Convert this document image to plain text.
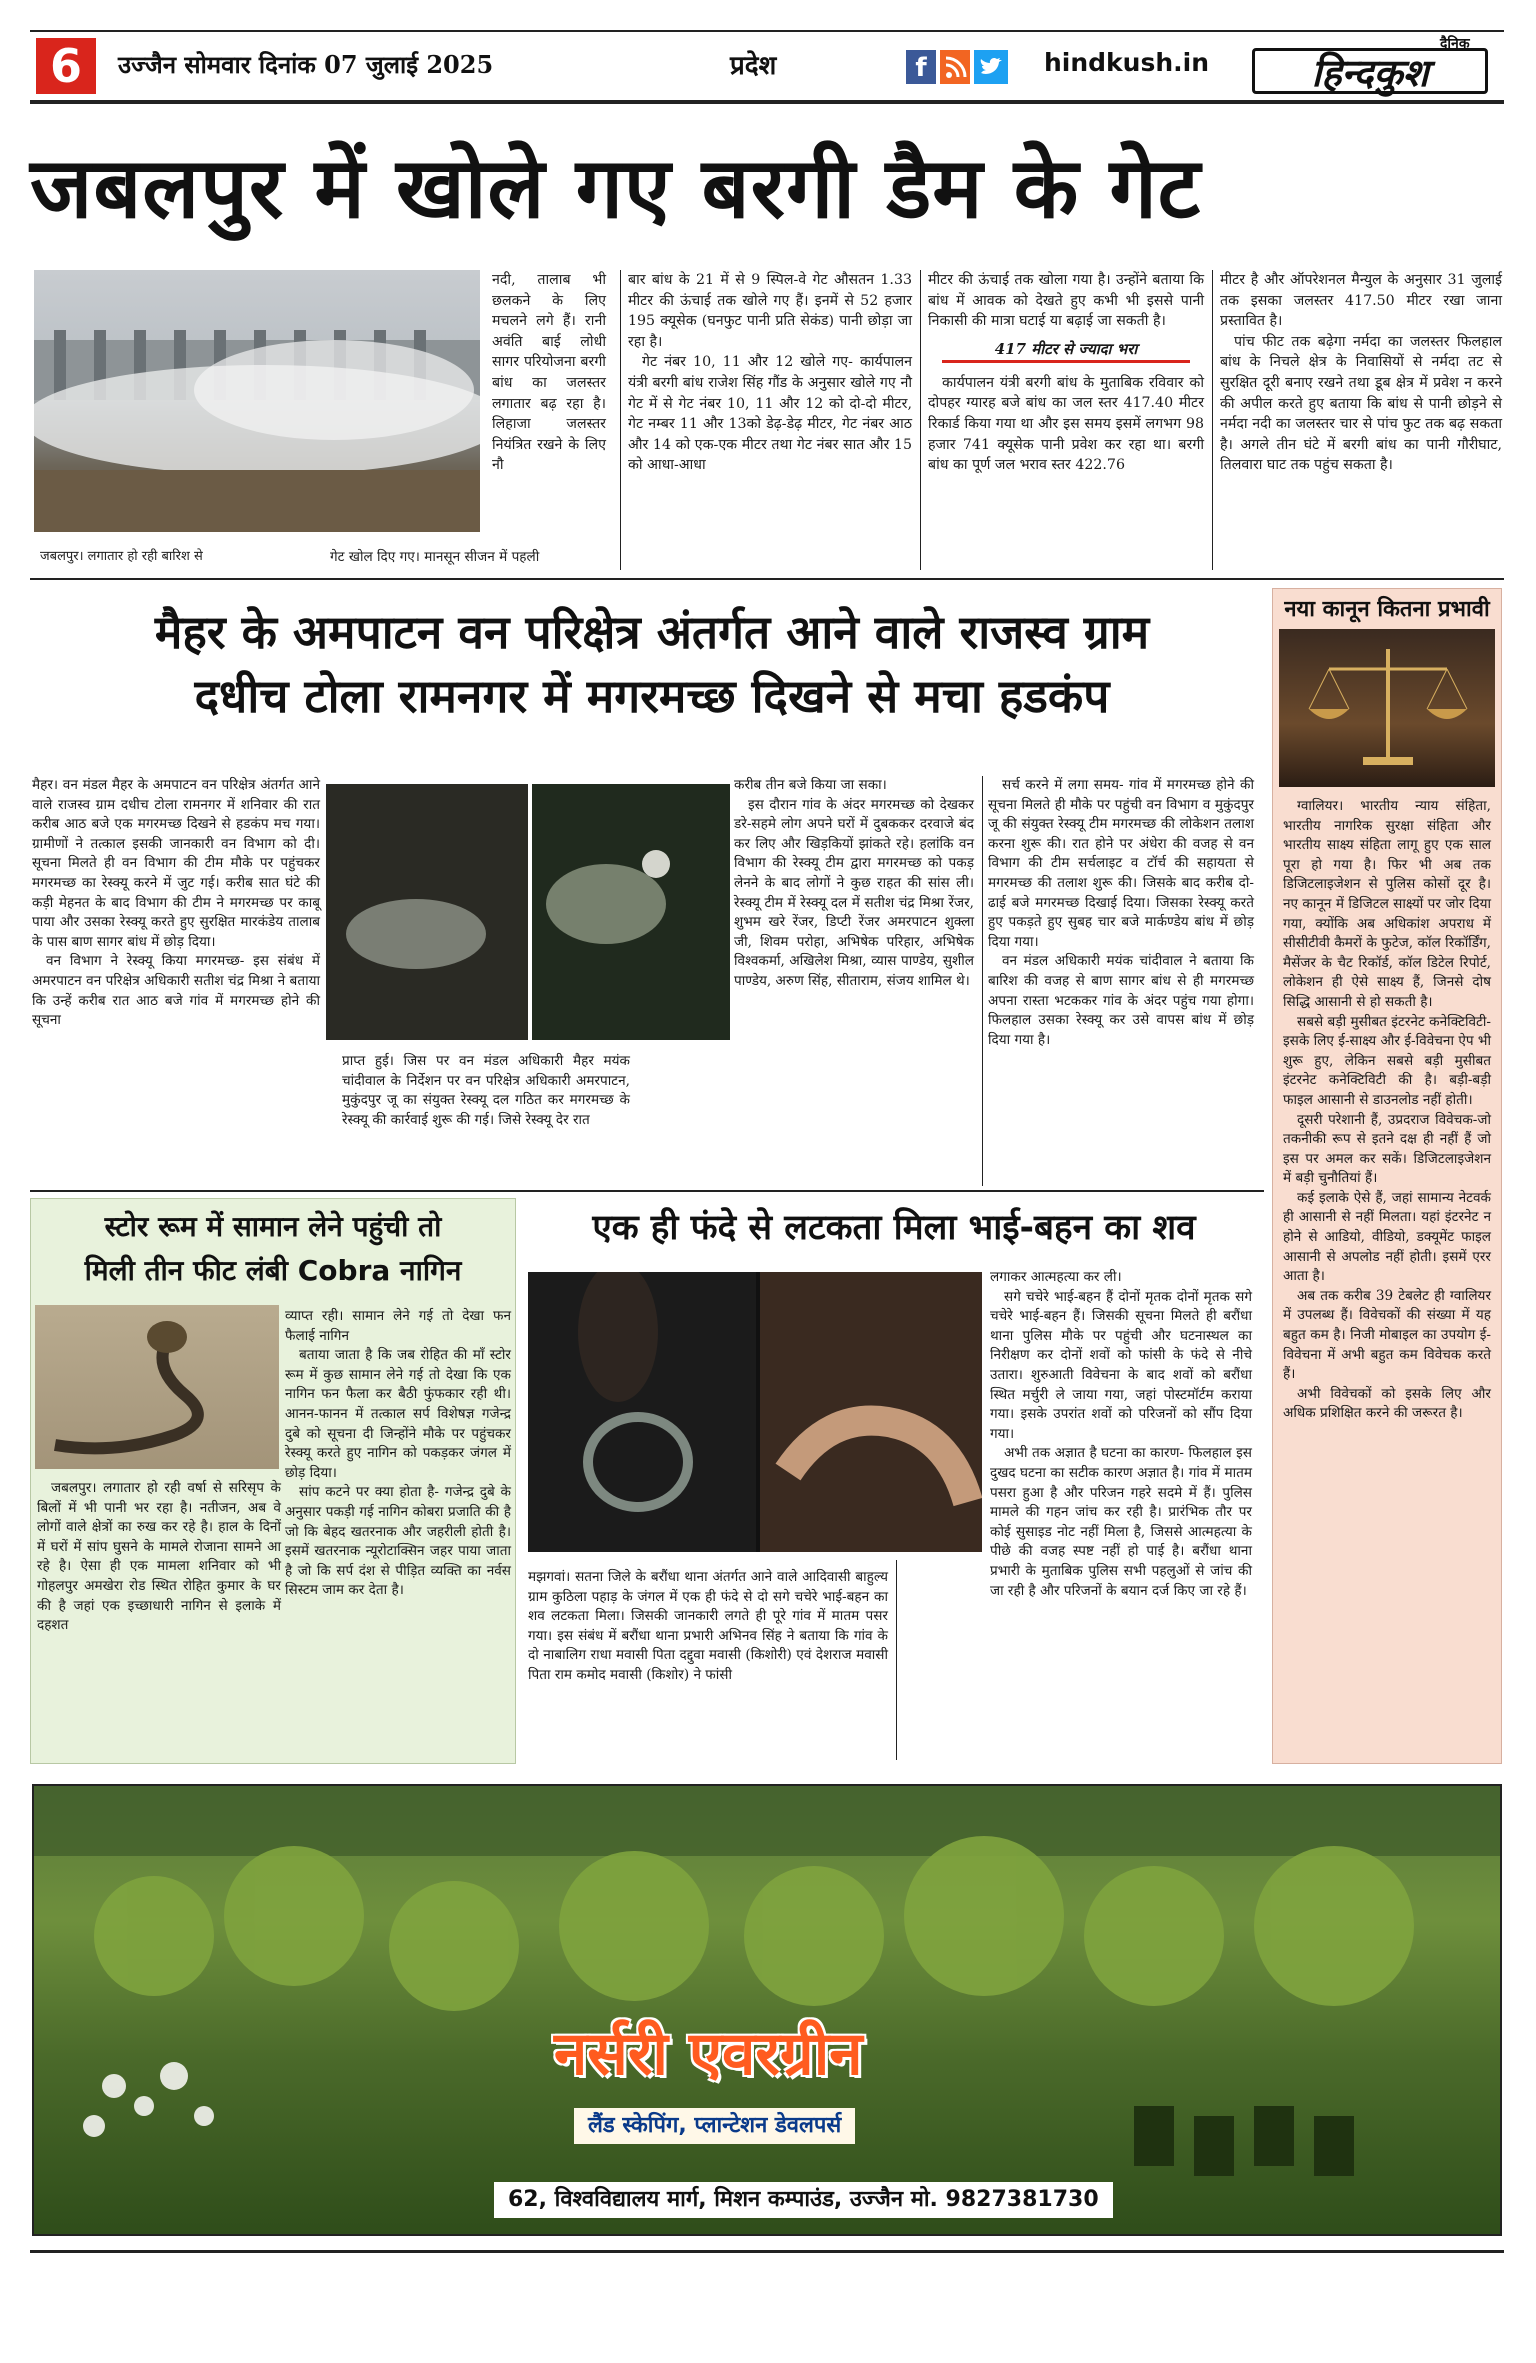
6	उज्जैन सोमवार दिनांक 07 जुलाई 2025	प्रदेश	f	hindkush.in
दैनिक
हिन्दकुश
जबलपुर में खोले गए बरगी डैम के गेट
जबलपुर। लगातार हो रही बारिश से

नदी, तालाब भी छलकने के लिए मचलने लगे हैं। रानी अवंति बाई लोधी सागर परियोजना बरगी बांध का जलस्तर लगातार बढ़ रहा है। लिहाजा जलस्तर नियंत्रित रखने के लिए नौ

गेट खोल दिए गए। मानसून सीजन में पहली

बार बांध के 21 में से 9 स्पिल-वे गेट औसतन 1.33 मीटर की ऊंचाई तक खोले गए हैं। इनमें से 52 हजार 195 क्यूसेक (घनफुट पानी प्रति सेकंड) पानी छोड़ा जा रहा है।

गेट नंबर 10, 11 और 12 खोले गए- कार्यपालन यंत्री बरगी बांध राजेश सिंह गौंड के अनुसार खोले गए नौ गेट में से गेट नंबर 10, 11 और 12 को दो-दो मीटर, गेट नम्बर 11 और 13को डेढ़-डेढ़ मीटर, गेट नंबर आठ और 14 को एक-एक मीटर तथा गेट नंबर सात और 15 को आधा-आधा

मीटर की ऊंचाई तक खोला गया है। उन्होंने बताया कि बांध में आवक को देखते हुए कभी भी इससे पानी निकासी की मात्रा घटाई या बढ़ाई जा सकती है।

417 मीटर से ज्यादा भरा

कार्यपालन यंत्री बरगी बांध के मुताबिक रविवार को दोपहर ग्यारह बजे बांध का जल स्तर 417.40 मीटर रिकार्ड किया गया था और इस समय इसमें लगभग 98 हजार 741 क्यूसेक पानी प्रवेश कर रहा था। बरगी बांध का पूर्ण जल भराव स्तर 422.76

मीटर है और ऑपरेशनल मैन्युल के अनुसार 31 जुलाई तक इसका जलस्तर 417.50 मीटर रखा जाना प्रस्तावित है।

पांच फीट तक बढ़ेगा नर्मदा का जलस्तर फिलहाल बांध के निचले क्षेत्र के निवासियों से नर्मदा तट से सुरक्षित दूरी बनाए रखने तथा डूब क्षेत्र में प्रवेश न करने की अपील करते हुए बताया कि बांध से पानी छोड़ने से नर्मदा नदी का जलस्तर चार से पांच फुट तक बढ़ सकता है। अगले तीन घंटे में बरगी बांध का पानी गौरीघाट, तिलवारा घाट तक पहुंच सकता है।

मैहर के अमपाटन वन परिक्षेत्र अंतर्गत आने वाले राजस्व ग्राम
दधीच टोला रामनगर में मगरमच्छ दिखने से मचा हडकंप

मैहर। वन मंडल मैहर के अमपाटन वन परिक्षेत्र अंतर्गत आने वाले राजस्व ग्राम दधीच टोला रामनगर में शनिवार की रात करीब आठ बजे एक मगरमच्छ दिखने से हडकंप मच गया। ग्रामीणों ने तत्काल इसकी जानकारी वन विभाग को दी। सूचना मिलते ही वन विभाग की टीम मौके पर पहुंचकर मगरमच्छ का रेस्क्यू करने में जुट गई। करीब सात घंटे की कड़ी मेहनत के बाद विभाग की टीम ने मगरमच्छ पर काबू पाया और उसका रेस्क्यू करते हुए सुरक्षित मारकंडेय तालाब के पास बाण सागर बांध में छोड़ दिया।

वन विभाग ने रेस्क्यू किया मगरमच्छ- इस संबंध में अमरपाटन वन परिक्षेत्र अधिकारी सतीश चंद्र मिश्रा ने बताया कि उन्हें करीब रात आठ बजे गांव में मगरमच्छ होने की सूचना

प्राप्त हुई। जिस पर वन मंडल अधिकारी मैहर मयंक चांदीवाल के निर्देशन पर वन परिक्षेत्र अधिकारी अमरपाटन, मुकुंदपुर जू का संयुक्त रेस्क्यू दल गठित कर मगरमच्छ के रेस्क्यू की कार्रवाई शुरू की गई। जिसे रेस्क्यू देर रात

करीब तीन बजे किया जा सका।

इस दौरान गांव के अंदर मगरमच्छ को देखकर डरे-सहमे लोग अपने घरों में दुबककर दरवाजे बंद कर लिए और खिड़कियों झांकते रहे। हलांकि वन विभाग की रेस्क्यू टीम द्वारा मगरमच्छ को पकड़ लेनने के बाद लोगों ने कुछ राहत की सांस ली। रेस्क्यू टीम में रेस्क्यू दल में सतीश चंद्र मिश्रा रेंजर, शुभम खरे रेंजर, डिप्टी रेंजर अमरपाटन शुक्ला जी, शिवम परोहा, अभिषेक परिहार, अभिषेक विश्वकर्मा, अखिलेश मिश्रा, व्यास पाण्डेय, सुशील पाण्डेय, अरुण सिंह, सीताराम, संजय शामिल थे।

सर्च करने में लगा समय- गांव में मगरमच्छ होने की सूचना मिलते ही मौके पर पहुंची वन विभाग व मुकुंदपुर जू की संयुक्त रेस्क्यू टीम मगरमच्छ की लोकेशन तलाश करना शुरू की। रात होने पर अंधेरा की वजह से वन विभाग की टीम सर्चलाइट व टॉर्च की सहायता से मगरमच्छ की तलाश शुरू की। जिसके बाद करीब दो-ढाई बजे मगरमच्छ दिखाई दिया। जिसका रेस्क्यू करते हुए पकड़ते हुए सुबह चार बजे मार्कण्डेय बांध में छोड़ दिया गया।

वन मंडल अधिकारी मयंक चांदीवाल ने बताया कि बारिश की वजह से बाण सागर बांध से ही मगरमच्छ अपना रास्ता भटककर गांव के अंदर पहुंच गया होगा। फिलहाल उसका रेस्क्यू कर उसे वापस बांध में छोड़ दिया गया है।

नया कानून कितना प्रभावी

ग्वालियर। भारतीय न्याय संहिता, भारतीय नागरिक सुरक्षा संहिता और भारतीय साक्ष्य संहिता लागू हुए एक साल पूरा हो गया है। फिर भी अब तक डिजिटलाइजेशन से पुलिस कोसों दूर है। नए कानून में डिजिटल साक्ष्यों पर जोर दिया गया, क्योंकि अब अधिकांश अपराध में सीसीटीवी कैमरों के फुटेज, कॉल रिकॉर्डिंग, मैसेंजर के चैट रिकॉर्ड, कॉल डिटेल रिपोर्ट, लोकेशन ही ऐसे साक्ष्य हैं, जिनसे दोष सिद्धि आसानी से हो सकती है।

सबसे बड़ी मुसीबत इंटरनेट कनेक्टिविटी- इसके लिए ई-साक्ष्य और ई-विवेचना ऐप भी शुरू हुए, लेकिन सबसे बड़ी मुसीबत इंटरनेट कनेक्टिविटी की है। बड़ी-बड़ी फाइल आसानी से डाउनलोड नहीं होती।

दूसरी परेशानी हैं, उप्रदराज विवेचक-जो तकनीकी रूप से इतने दक्ष ही नहीं हैं जो इस पर अमल कर सकें। डिजिटलाइजेशन में बड़ी चुनौतियां हैं।

कई इलाके ऐसे हैं, जहां सामान्य नेटवर्क ही आसानी से नहीं मिलता। यहां इंटरनेट न होने से आडियो, वीडियो, डक्यूमेंट फाइल आसानी से अपलोड नहीं होती। इसमें एरर आता है।

अब तक करीब 39 टेबलेट ही ग्वालियर में उपलब्ध हैं। विवेचकों की संख्या में यह बहुत कम है। निजी मोबाइल का उपयोग ई-विवेचना में अभी बहुत कम विवेचक करते हैं।

अभी विवेचकों को इसके लिए और अधिक प्रशिक्षित करने की जरूरत है।

स्टोर रूम में सामान लेने पहुंची तो
मिली तीन फीट लंबी Cobra नागिन

व्याप्त रही। सामान लेने गई तो देखा फन फैलाई नागिन

बताया जाता है कि जब रोहित की माँ स्टोर रूम में कुछ सामान लेने गई तो देखा कि एक नागिन फन फैला कर बैठी फुंफकार रही थी। आनन-फानन में तत्काल सर्प विशेषज्ञ गजेन्द्र दुबे को सूचना दी जिन्होंने मौके पर पहुंचकर रेस्क्यू करते हुए नागिन को पकड़कर जंगल में छोड़ दिया।

सांप कटने पर क्या होता है- गजेन्द्र दुबे के अनुसार पकड़ी गई नागिन कोबरा प्रजाति की है जो कि बेहद खतरनाक और जहरीली होती है। इसमें खतरनाक न्यूरोटाक्सिन जहर पाया जाता है जो कि सर्प दंश से पीड़ित व्यक्ति का नर्वस सिस्टम जाम कर देता है।

जबलपुर। लगातार हो रही वर्षा से सरिसृप के बिलों में भी पानी भर रहा है। नतीजन, अब वे लोगों वाले क्षेत्रों का रुख कर रहे है। हाल के दिनों में घरों में सांप घुसने के मामले रोजाना सामने आ रहे है। ऐसा ही एक मामला शनिवार को भी गोहलपुर अमखेरा रोड स्थित रोहित कुमार के घर की है जहां एक इच्छाधारी नागिन से इलाके में दहशत

एक ही फंदे से लटकता मिला भाई-बहन का शव

मझगवां। सतना जिले के बरौंधा थाना अंतर्गत आने वाले आदिवासी बाहुल्य ग्राम कुठिला पहाड़ के जंगल में एक ही फंदे से दो सगे चचेरे भाई-बहन का शव लटकता मिला। जिसकी जानकारी लगते ही पूरे गांव में मातम पसर गया। इस संबंध में बरौंधा थाना प्रभारी अभिनव सिंह ने बताया कि गांव के दो नाबालिग राधा मवासी पिता दद्दुवा मवासी (किशोरी) एवं देशराज मवासी पिता राम कमोद मवासी (किशोर) ने फांसी

लगाकर आत्महत्या कर ली।

सगे चचेरे भाई-बहन हैं दोनों मृतक दोनों मृतक सगे चचेरे भाई-बहन हैं। जिसकी सूचना मिलते ही बरौंधा थाना पुलिस मौके पर पहुंची और घटनास्थल का निरीक्षण कर दोनों शवों को फांसी के फंदे से नीचे उतारा। शुरुआती विवेचना के बाद शवों को बरौंधा स्थित मर्चुरी ले जाया गया, जहां पोस्टमॉर्टम कराया गया। इसके उपरांत शवों को परिजनों को सौंप दिया गया।

अभी तक अज्ञात है घटना का कारण- फिलहाल इस दुखद घटना का सटीक कारण अज्ञात है। गांव में मातम पसरा हुआ है और परिजन गहरे सदमे में हैं। पुलिस मामले की गहन जांच कर रही है। प्रारंभिक तौर पर कोई सुसाइड नोट नहीं मिला है, जिससे आत्महत्या के पीछे की वजह स्पष्ट नहीं हो पाई है। बरौंधा थाना प्रभारी के मुताबिक पुलिस सभी पहलुओं से जांच की जा रही है और परिजनों के बयान दर्ज किए जा रहे हैं।

नर्सरी एवरग्रीन
लैंड स्केपिंग, प्लान्टेशन डेवलपर्स
62, विश्वविद्यालय मार्ग, मिशन कम्पाउंड, उज्जैन मो. 9827381730
